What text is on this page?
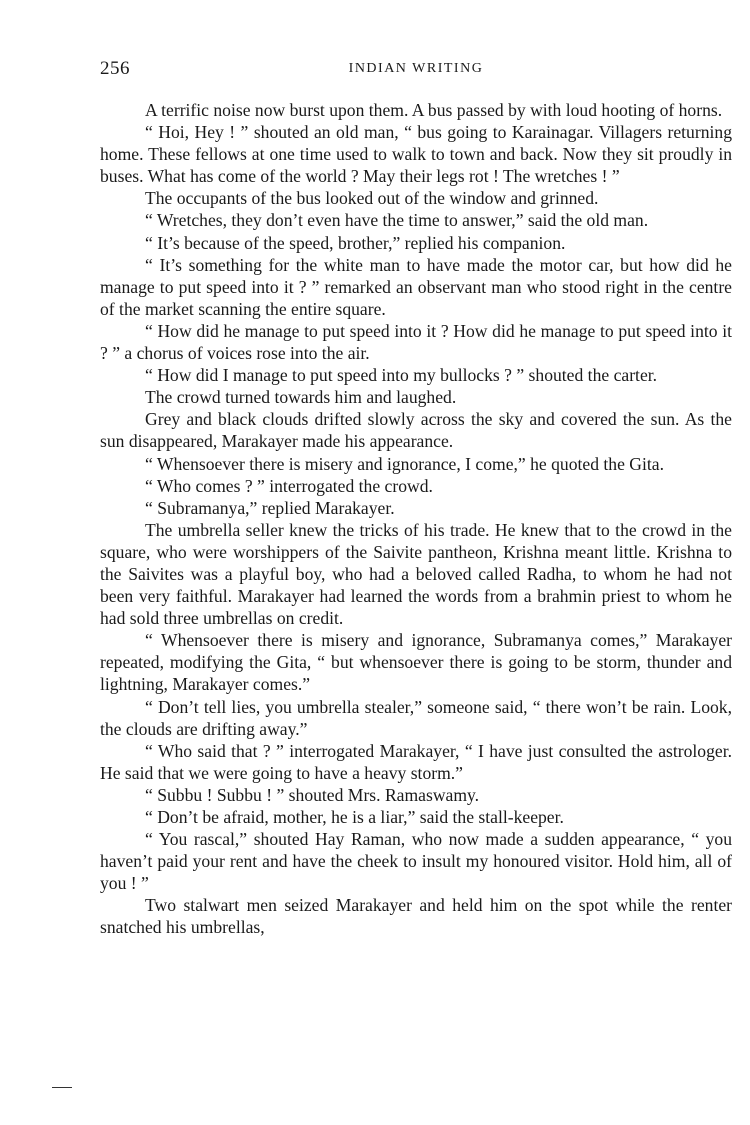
256	INDIAN WRITING

A terrific noise now burst upon them. A bus passed by with loud hooting of horns.

“ Hoi, Hey ! ” shouted an old man, “ bus going to Karainagar. Villagers returning home. These fellows at one time used to walk to town and back. Now they sit proudly in buses. What has come of the world ? May their legs rot ! The wretches ! ”

The occupants of the bus looked out of the window and grinned.

“ Wretches, they don’t even have the time to answer,” said the old man.

“ It’s because of the speed, brother,” replied his companion.

“ It’s something for the white man to have made the motor car, but how did he manage to put speed into it ? ” remarked an observant man who stood right in the centre of the market scanning the entire square.

“ How did he manage to put speed into it ? How did he manage to put speed into it ? ” a chorus of voices rose into the air.

“ How did I manage to put speed into my bullocks ? ” shouted the carter.

The crowd turned towards him and laughed.

Grey and black clouds drifted slowly across the sky and covered the sun. As the sun disappeared, Marakayer made his appearance.

“ Whensoever there is misery and ignorance, I come,” he quoted the Gita.

“ Who comes ? ” interrogated the crowd.

“ Subramanya,” replied Marakayer.

The umbrella seller knew the tricks of his trade. He knew that to the crowd in the square, who were worshippers of the Saivite pantheon, Krishna meant little. Krishna to the Saivites was a playful boy, who had a beloved called Radha, to whom he had not been very faithful. Marakayer had learned the words from a brahmin priest to whom he had sold three umbrellas on credit.

“ Whensoever there is misery and ignorance, Subramanya comes,” Marakayer repeated, modifying the Gita, “ but whensoever there is going to be storm, thunder and lightning, Marakayer comes.”

“ Don’t tell lies, you umbrella stealer,” someone said, “ there won’t be rain. Look, the clouds are drifting away.”

“ Who said that ? ” interrogated Marakayer, “ I have just consulted the astrologer. He said that we were going to have a heavy storm.”

“ Subbu ! Subbu ! ” shouted Mrs. Ramaswamy.

“ Don’t be afraid, mother, he is a liar,” said the stall-keeper.

“ You rascal,” shouted Hay Raman, who now made a sudden appearance, “ you haven’t paid your rent and have the cheek to insult my honoured visitor. Hold him, all of you ! ”

Two stalwart men seized Marakayer and held him on the spot while the renter snatched his umbrellas,
